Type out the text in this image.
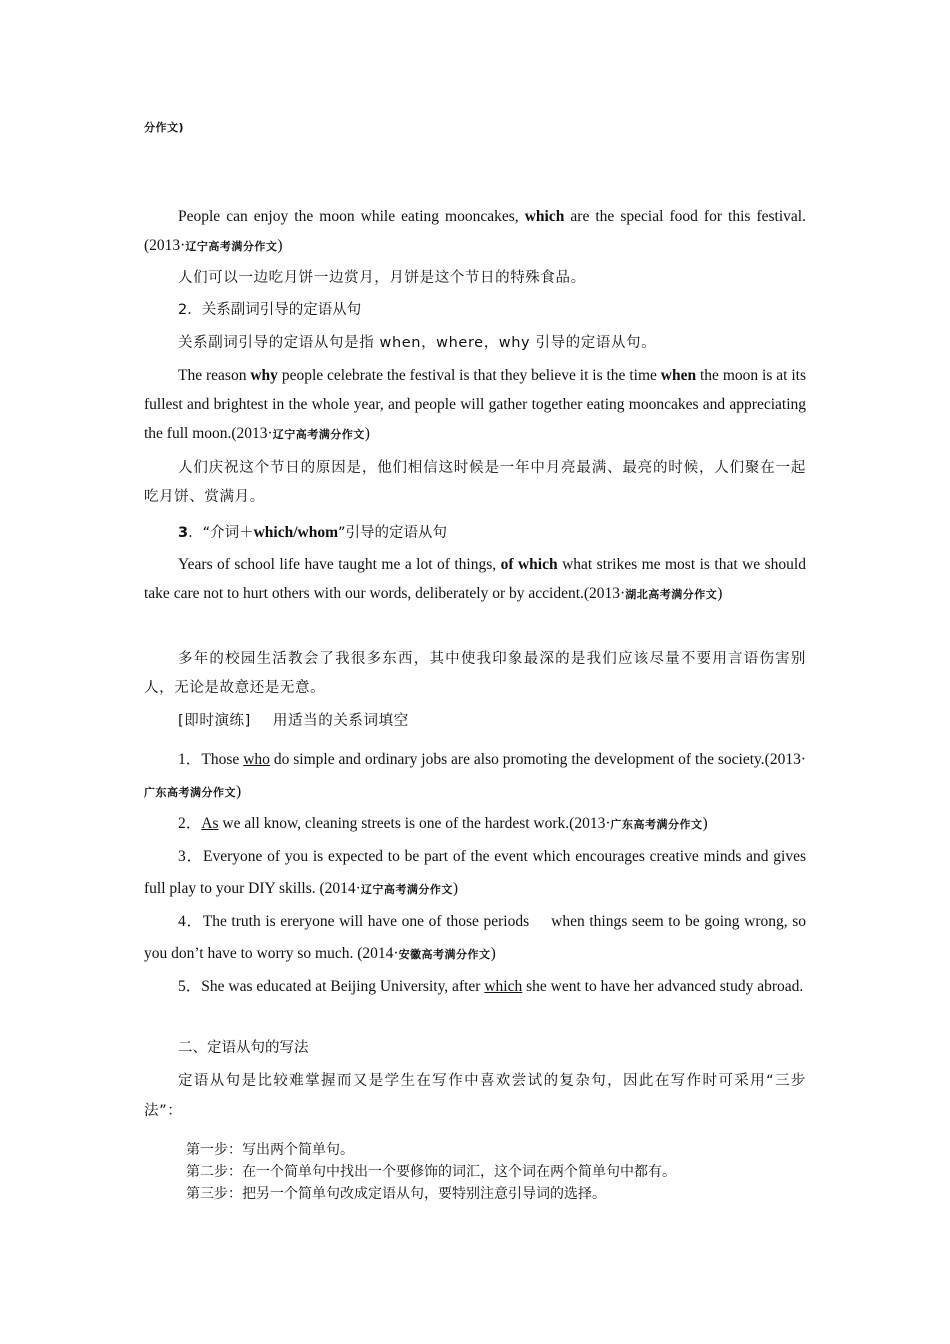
分作文)
People can enjoy the moon while eating mooncakes, which are the special food for this festival.(2013·辽宁高考满分作文)
人们可以一边吃月饼一边赏月，月饼是这个节日的特殊食品。
2．关系副词引导的定语从句
关系副词引导的定语从句是指 when，where，why 引导的定语从句。
The reason why people celebrate the festival is that they believe it is the time when the moon is at its fullest and brightest in the whole year, and people will gather together eating mooncakes and appreciating the full moon.(2013·辽宁高考满分作文)
人们庆祝这个节日的原因是，他们相信这时候是一年中月亮最满、最亮的时候，人们聚在一起吃月饼、赏满月。
3．“介词＋which/whom”引导的定语从句
Years of school life have taught me a lot of things, of which what strikes me most is that we should take care not to hurt others with our words, deliberately or by accident.(2013·湖北高考满分作文)
多年的校园生活教会了我很多东西，其中使我印象最深的是我们应该尽量不要用言语伤害别人，无论是故意还是无意。
[即时演练] 用适当的关系词填空
1．Those who do simple and ordinary jobs are also promoting the development of the society.(2013·广东高考满分作文)
2．As we all know, cleaning streets is one of the hardest work.(2013·广东高考满分作文)
3．Everyone of you is expected to be part of the event which encourages creative minds and gives full play to your DIY skills. (2014·辽宁高考满分作文)
4．The truth is ereryone will have one of those periods when things seem to be going wrong, so you don’t have to worry so much. (2014·安徽高考满分作文)
5．She was educated at Beijing University, after which she went to have her advanced study abroad.
二、定语从句的写法
定语从句是比较难掌握而又是学生在写作中喜欢尝试的复杂句，因此在写作时可采用“三步法”：
第一步：写出两个简单句。
第二步：在一个简单句中找出一个要修饰的词汇，这个词在两个简单句中都有。
第三步：把另一个简单句改成定语从句，要特别注意引导词的选择。
